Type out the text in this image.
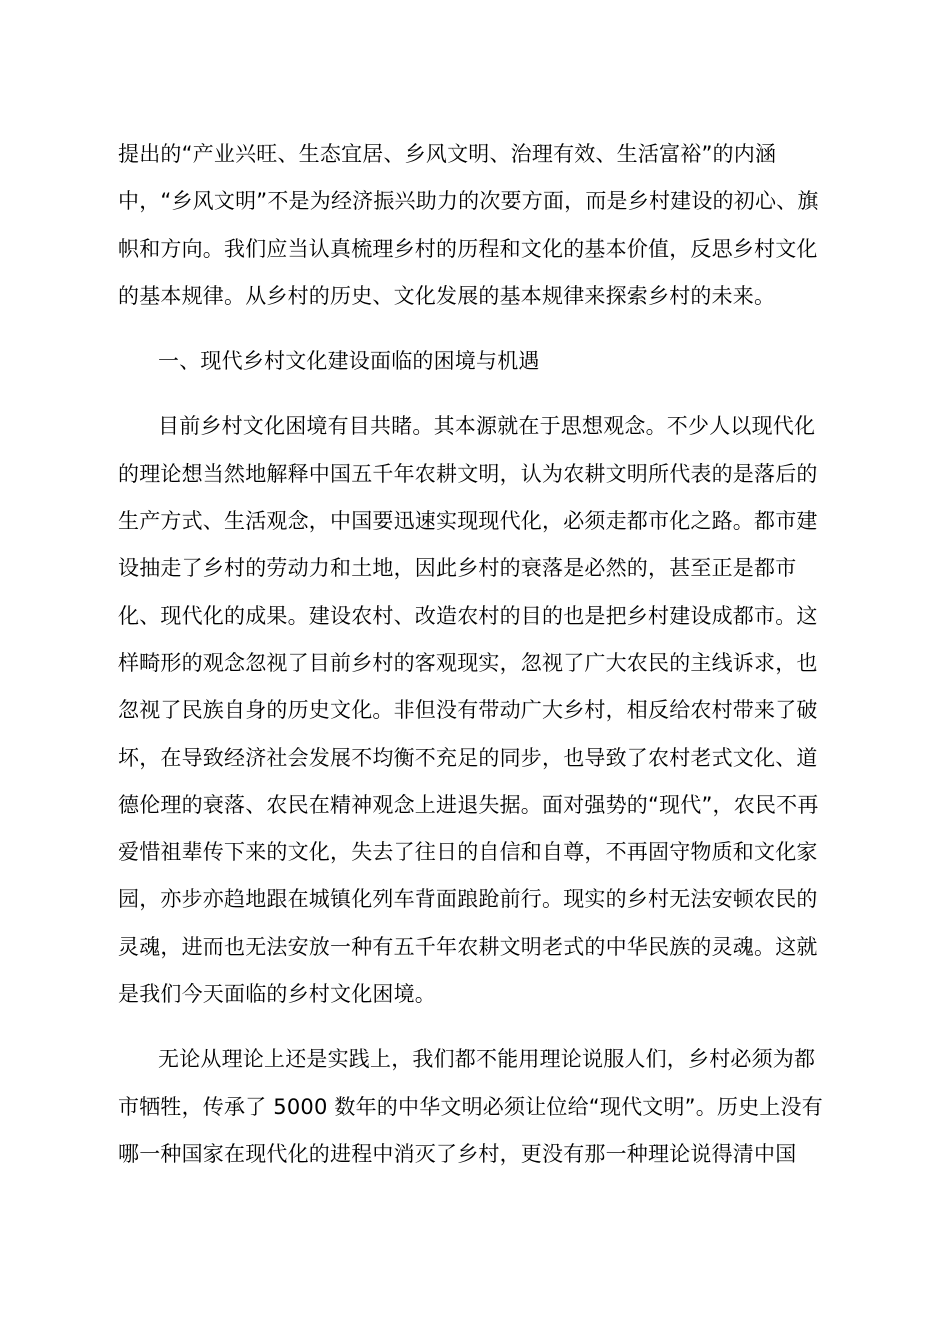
提出的“产业兴旺、生态宜居、乡风文明、治理有效、生活富裕”的内涵中，“乡风文明”不是为经济振兴助力的次要方面，而是乡村建设的初心、旗帜和方向。我们应当认真梳理乡村的历程和文化的基本价值，反思乡村文化的基本规律。从乡村的历史、文化发展的基本规律来探索乡村的未来。

一、现代乡村文化建设面临的困境与机遇

目前乡村文化困境有目共睹。其本源就在于思想观念。不少人以现代化的理论想当然地解释中国五千年农耕文明，认为农耕文明所代表的是落后的生产方式、生活观念，中国要迅速实现现代化，必须走都市化之路。都市建设抽走了乡村的劳动力和土地，因此乡村的衰落是必然的，甚至正是都市化、现代化的成果。建设农村、改造农村的目的也是把乡村建设成都市。这样畸形的观念忽视了目前乡村的客观现实，忽视了广大农民的主线诉求，也忽视了民族自身的历史文化。非但没有带动广大乡村，相反给农村带来了破坏，在导致经济社会发展不均衡不充足的同步，也导致了农村老式文化、道德伦理的衰落、农民在精神观念上进退失据。面对强势的“现代”，农民不再爱惜祖辈传下来的文化，失去了往日的自信和自尊，不再固守物质和文化家园，亦步亦趋地跟在城镇化列车背面踉跄前行。现实的乡村无法安顿农民的灵魂，进而也无法安放一种有五千年农耕文明老式的中华民族的灵魂。这就是我们今天面临的乡村文化困境。

无论从理论上还是实践上，我们都不能用理论说服人们，乡村必须为都市牺牲，传承了 5000 数年的中华文明必须让位给“现代文明”。历史上没有哪一种国家在现代化的进程中消灭了乡村，更没有那一种理论说得清中国
